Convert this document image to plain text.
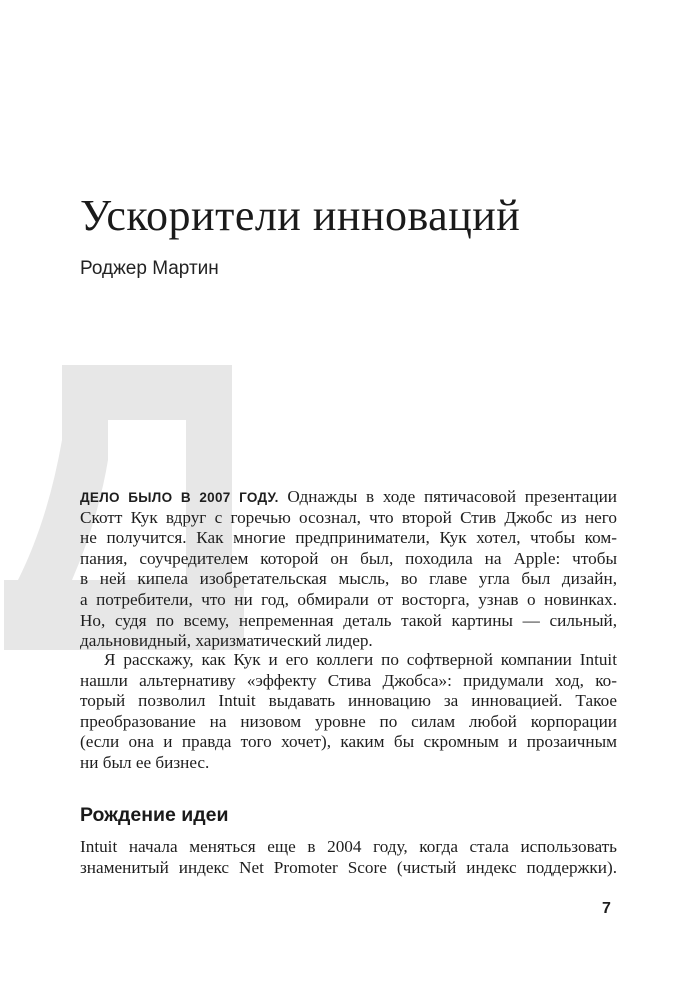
Ускорители инноваций
Роджер Мартин
ДЕЛО БЫЛО В 2007 ГОДУ. Однажды в ходе пятичасовой презентации
Скотт Кук вдруг с горечью осознал, что второй Стив Джобс из него
не получится. Как многие предприниматели, Кук хотел, чтобы ком-
пания, соучредителем которой он был, походила на Apple: чтобы
в ней кипела изобретательская мысль, во главе угла был дизайн,
а потребители, что ни год, обмирали от восторга, узнав о новинках.
Но, судя по всему, непременная деталь такой картины — сильный,
дальновидный, харизматический лидер.
Я расскажу, как Кук и его коллеги по софтверной компании Intuit
нашли альтернативу «эффекту Стива Джобса»: придумали ход, ко-
торый позволил Intuit выдавать инновацию за инновацией. Такое
преобразование на низовом уровне по силам любой корпорации
(если она и правда того хочет), каким бы скромным и прозаичным
ни был ее бизнес.
Рождение идеи
Intuit начала меняться еще в 2004 году, когда стала использовать
знаменитый индекс Net Promoter Score (чистый индекс поддержки).
7
